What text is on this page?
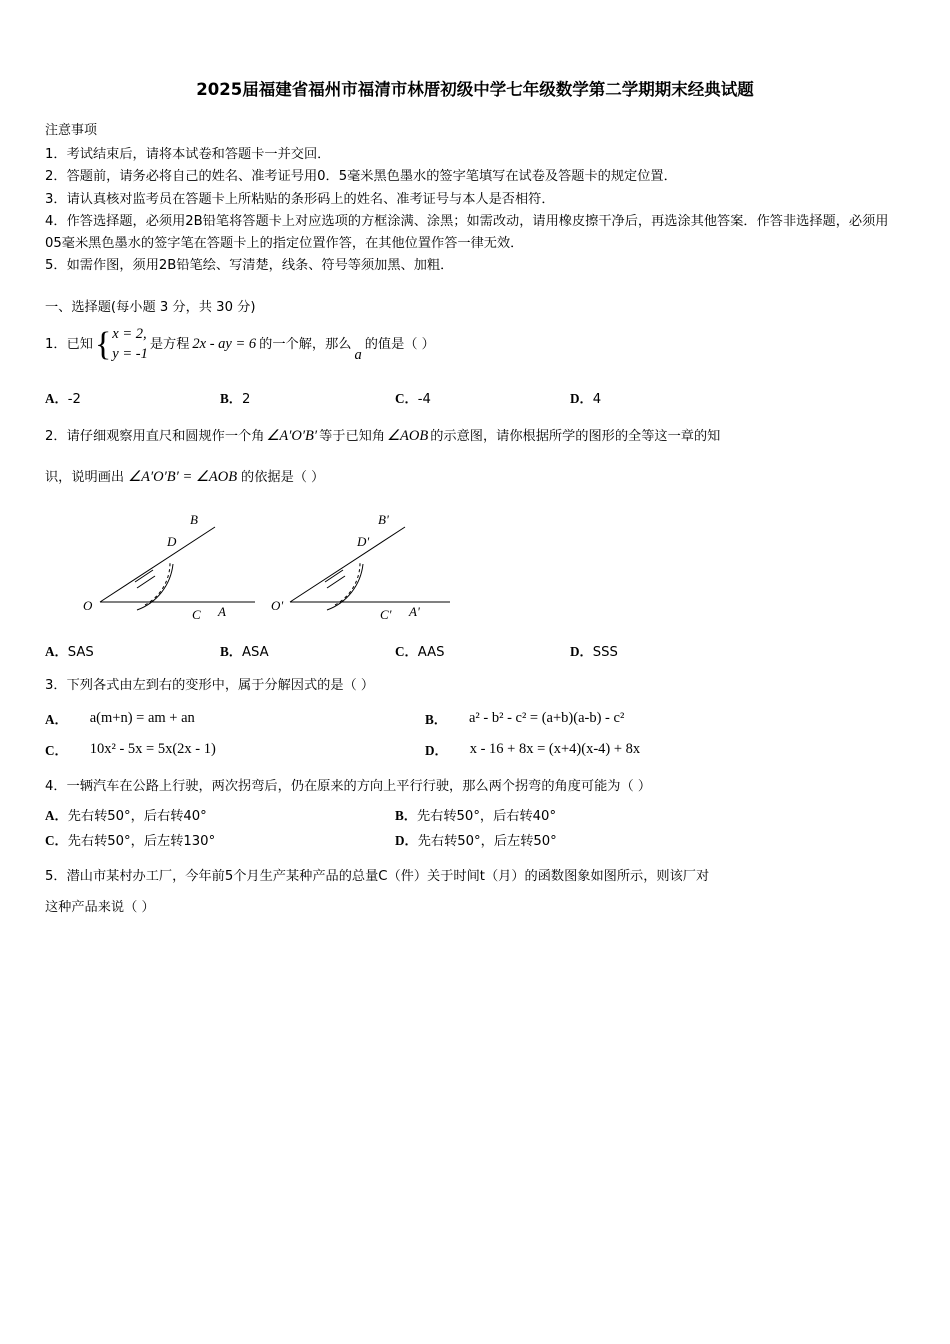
2025届福建省福州市福清市林厝初级中学七年级数学第二学期期末经典试题
注意事项
1．考试结束后，请将本试卷和答题卡一并交回．
2．答题前，请务必将自己的姓名、准考证号用0．5毫米黑色墨水的签字笔填写在试卷及答题卡的规定位置．
3．请认真核对监考员在答题卡上所粘贴的条形码上的姓名、准考证号与本人是否相符．
4．作答选择题，必须用2B铅笔将答题卡上对应选项的方框涂满、涂黑；如需改动，请用橡皮擦干净后，再选涂其他答案．作答非选择题，必须用05毫米黑色墨水的签字笔在答题卡上的指定位置作答，在其他位置作答一律无效．
5．如需作图，须用2B铅笔绘、写清楚，线条、符号等须加黑、加粗．
一、选择题(每小题 3 分，共 30 分)
1． 已知 { x = 2,
y = -1
是方程 2x - ay = 6 的一个解，那么
a
的值是（ ）
A．-2	B．2	C．-4	D．4
2．请仔细观察用直尺和圆规作一个角 ∠A′O′B′ 等于已知角 ∠AOB 的示意图，请你根据所学的图形的全等这一章的知
识，说明画出 ∠A′O′B′ = ∠AOB 的依据是（ ）
B
D
O
C A
B'
D'
O'
C' A'
A．SAS	B．ASA	C．AAS	D．SSS
3．下列各式由左到右的变形中，属于分解因式的是（ ）
A． a(m+n) = am + an	B． a² - b² - c² = (a+b)(a-b) - c²
C． 10x² - 5x = 5x(2x - 1)	D． x - 16 + 8x = (x+4)(x-4) + 8x
4．一辆汽车在公路上行驶，两次拐弯后，仍在原来的方向上平行行驶，那么两个拐弯的角度可能为（ ）
A．先右转50°，后右转40°	B．先右转50°，后右转40°
C．先右转50°，后左转130°	D．先右转50°，后左转50°
5．潜山市某村办工厂，今年前5个月生产某种产品的总量C（件）关于时间t（月）的函数图象如图所示，则该厂对
这种产品来说（ ）
